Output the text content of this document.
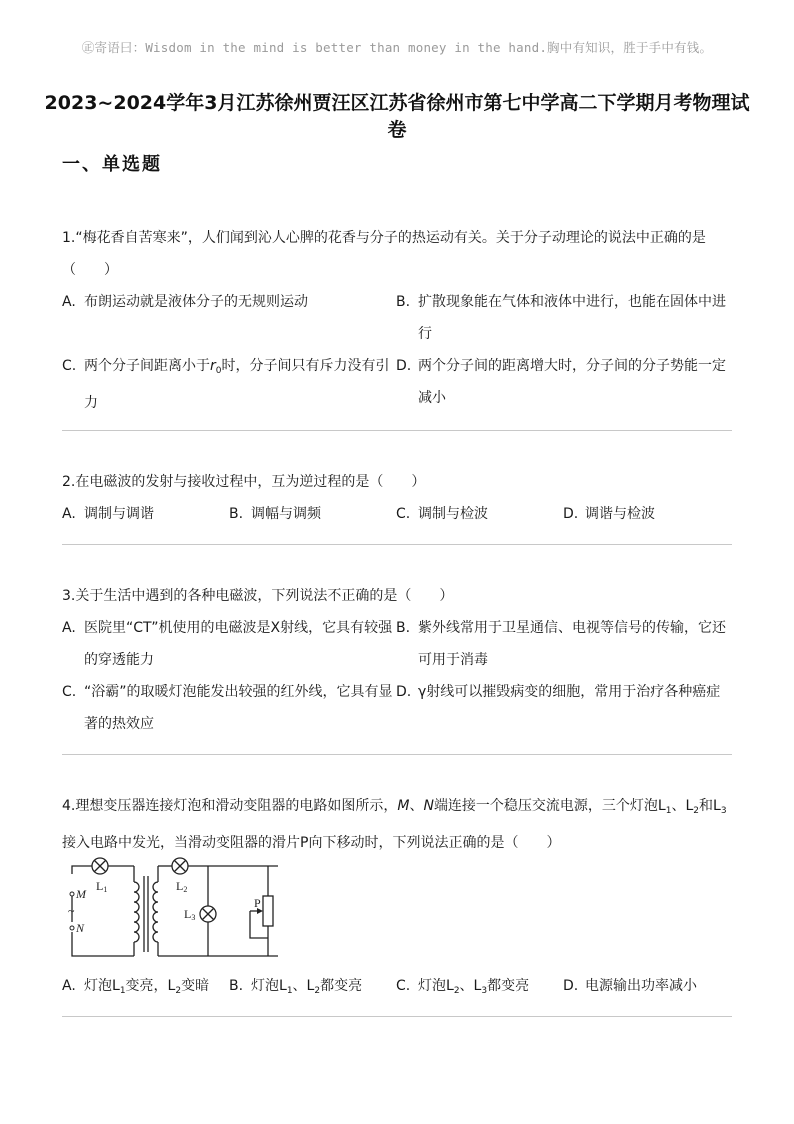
㊣寄语曰：Wisdom in the mind is better than money in the hand.胸中有知识，胜于手中有钱。
2023~2024学年3月江苏徐州贾汪区江苏省徐州市第七中学高二下学期月考物理试卷
一、单选题
1.“梅花香自苦寒来”，人们闻到沁人心脾的花香与分子的热运动有关。关于分子动理论的说法中正确的是（　　）
A. 布朗运动就是液体分子的无规则运动	B. 扩散现象能在气体和液体中进行，也能在固体中进行
C. 两个分子间距离小于$r_0$时，分子间只有斥力没有引力
D. 两个分子间的距离增大时，分子间的分子势能一定减小
2.在电磁波的发射与接收过程中，互为逆过程的是（　　）
A. 调制与调谐	B. 调幅与调频	C. 调制与检波	D. 调谐与检波
3.关于生活中遇到的各种电磁波，下列说法不正确的是（　　）
A. 医院里“CT”机使用的电磁波是X射线，它具有较强的穿透能力
B. 紫外线常用于卫星通信、电视等信号的传输，它还可用于消毒
C. “浴霸”的取暖灯泡能发出较强的红外线，它具有显著的热效应
D. γ射线可以摧毁病变的细胞，常用于治疗各种癌症
4.理想变压器连接灯泡和滑动变阻器的电路如图所示，M、N端连接一个稳压交流电源，三个灯泡$L_1$、$L_2$和$L_3$接入电路中发光，当滑动变阻器的滑片P向下移动时，下列说法正确的是（　　）
M
~
N
L1	L2
L3
P
A. 灯泡$L_1$变亮，$L_2$变暗 B. 灯泡$L_1$、$L_2$都变亮 C. 灯泡$L_2$、$L_3$都变亮 D. 电源输出功率减小
